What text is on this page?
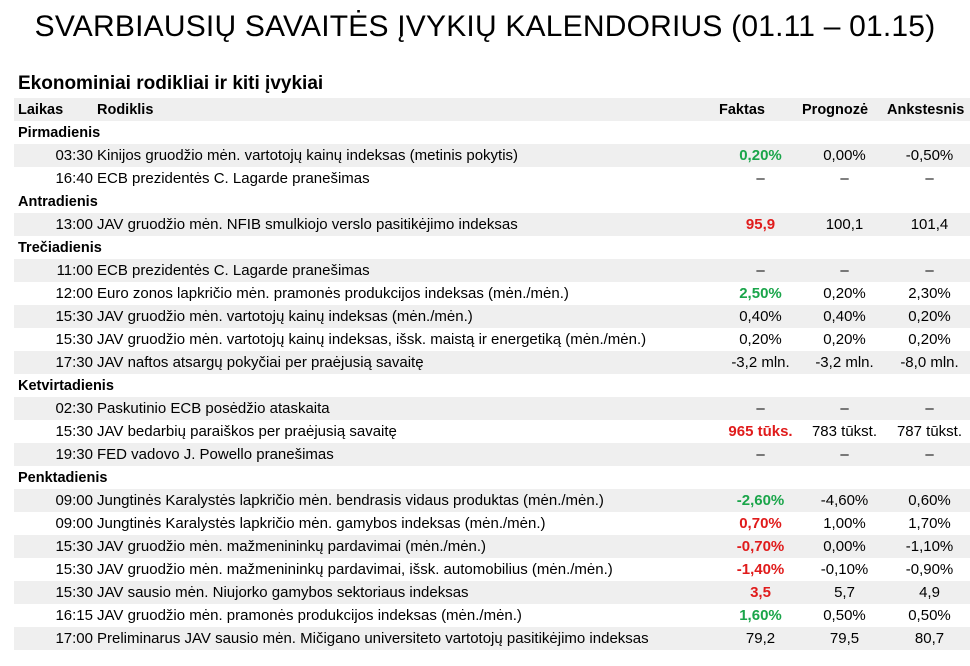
SVARBIAUSIŲ SAVAITĖS ĮVYKIŲ KALENDORIUS (01.11 – 01.15)
Ekonominiai rodikliai ir kiti įvykiai
Laikas	Rodiklis	Faktas	Prognozė	Ankstesnis
Pirmadienis				
03:30	Kinijos gruodžio mėn. vartotojų kainų indeksas (metinis pokytis)	0,20%	0,00%	-0,50%
16:40	ECB prezidentės C. Lagarde pranešimas	–	–	–
Antradienis				
13:00	JAV gruodžio mėn. NFIB smulkiojo verslo pasitikėjimo indeksas	95,9	100,1	101,4
Trečiadienis				
11:00	ECB prezidentės C. Lagarde pranešimas	–	–	–
12:00	Euro zonos lapkričio mėn. pramonės produkcijos indeksas (mėn./mėn.)	2,50%	0,20%	2,30%
15:30	JAV gruodžio mėn. vartotojų kainų indeksas (mėn./mėn.)	0,40%	0,40%	0,20%
15:30	JAV gruodžio mėn. vartotojų kainų indeksas, išsk. maistą ir energetiką (mėn./mėn.)	0,20%	0,20%	0,20%
17:30	JAV naftos atsargų pokyčiai per praėjusią savaitę	-3,2 mln.	-3,2 mln.	-8,0 mln.
Ketvirtadienis				
02:30	Paskutinio ECB posėdžio ataskaita	–	–	–
15:30	JAV bedarbių paraiškos per praėjusią savaitę	965 tūks.	783 tūkst.	787 tūkst.
19:30	FED vadovo J. Powello pranešimas	–	–	–
Penktadienis				
09:00	Jungtinės Karalystės lapkričio mėn. bendrasis vidaus produktas (mėn./mėn.)	-2,60%	-4,60%	0,60%
09:00	Jungtinės Karalystės lapkričio mėn. gamybos indeksas (mėn./mėn.)	0,70%	1,00%	1,70%
15:30	JAV gruodžio mėn. mažmenininkų pardavimai (mėn./mėn.)	-0,70%	0,00%	-1,10%
15:30	JAV gruodžio mėn. mažmenininkų pardavimai, išsk. automobilius (mėn./mėn.)	-1,40%	-0,10%	-0,90%
15:30	JAV sausio mėn. Niujorko gamybos sektoriaus indeksas	3,5	5,7	4,9
16:15	JAV gruodžio mėn. pramonės produkcijos indeksas (mėn./mėn.)	1,60%	0,50%	0,50%
17:00	Preliminarus JAV sausio mėn. Mičigano universiteto vartotojų pasitikėjimo indeksas	79,2	79,5	80,7
